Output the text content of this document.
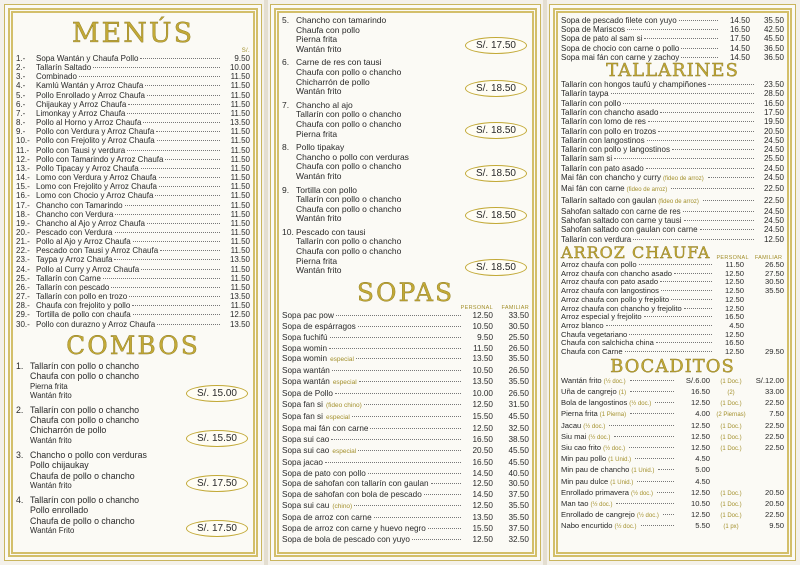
MENÚS
S/.
1.-	Sopa Wantán y Chaufa Pollo	9.50
2.-	Tallarín Saltado	10.00
3.-	Combinado	11.50
4.-	Kamlú Wantán y Arroz Chaufa	11.50
5.-	Pollo Enrollado y Arroz Chaufa	11.50
6.-	Chijaukay y Arroz Chaufa	11.50
7.-	Limonkay y Arroz Chaufa	11.50
8.-	Pollo al Horno y Arroz Chaufa	13.50
9.-	Pollo con Verdura y Arroz Chaufa	11.50
10.- Pollo con Frejolito y Arroz Chaufa	11.50
11.- Pollo con Tausi y verdura	11.50
12.- Pollo con Tamarindo y Arroz Chaufa	11.50
13.- Pollo Tipacay y Arroz Chaufa	11.50
14.- Lomo con Verdura y Arroz Chaufa	11.50
15.- Lomo con Frejolito y Arroz Chaufa	11.50
16.- Lomo con Chocio y Arroz Chaufa	11.50
17.- Chancho con Tamarindo	11.50
18.- Chancho con Verdura	11.50
19.- Chancho al Ajo y Arroz Chaufa	11.50
20.- Pescado con Verdura	11.50
21.- Pollo al Ajo y Arroz Chaufa	11.50
22.- Pescado con Tausi y Arroz Chaufa	11.50
23.- Taypa y Arroz Chaufa	13.50
24.- Pollo al Curry y Arroz Chaufa	11.50
25.- Tallarín con Carne	11.50
26.- Tallarín con pescado	11.50
27.- Tallarín con pollo en trozo	13.50
28.- Chaufa con frejolito y pollo	11.50
29.- Tortilla de pollo con chaufa	12.50
30.- Pollo con durazno y Arroz Chaufa	13.50
COMBOS
1. Tallarín con pollo o chancho
Chaufa con pollo o chancho
Pierna frita
Wantán frito	S/. 15.00
2. Tallarín con pollo o chancho
Chaufa con pollo o chancho
Chicharrón de pollo
Wantán frito	S/. 15.50
3. Chancho o pollo con verduras
Pollo chijaukay
Chaufa de pollo o chancho
Wantán frito	S/. 17.50
4. Tallarín con pollo o chancho
Pollo enrollado
Chaufa de pollo o chancho
Wantán Frito	S/. 17.50
5. Chancho con tamarindo
Chaufa con pollo
Pierna frita
Wantán frito	S/. 17.50
6. Carne de res con tausi
Chaufa con pollo o chancho
Chicharrón de pollo
Wantán frito	S/. 18.50
7. Chancho al ajo
Tallarín con pollo o chancho
Chaufa con pollo o chancho
Pierna frita	S/. 18.50
8. Pollo tipakay
Chancho o pollo con verduras
Chaufa con pollo o chancho
Wantán frito	S/. 18.50
9. Tortilla con pollo
Tallarín con pollo o chancho
Chaufa con pollo o chancho
Wantán frito	S/. 18.50
10. Pescado con tausi
Tallarín con pollo o chancho
Chaufa con pollo o chancho
Pierna frita
Wantán frito	S/. 18.50
SOPAS
PERSONAL	FAMILIAR
Sopa pac pow	12.50	33.50
Sopa de espárragos	10.50	30.50
Sopa fuchifú	9.50	25.50
Sopa womin	11.50	26.50
Sopa womin especial	13.50	35.50
Sopa wantán	10.50	26.50
Sopa wantán especial	13.50	35.50
Sopa de Pollo	10.00	26.50
Sopa fan si (fideo chino)	12.50	31.50
Sopa fan si especial	15.50	45.50
Sopa mai fán con carne	12.50	32.50
Sopa sui cao	16.50	38.50
Sopa sui cao especial	20.50	45.50
Sopa jacao	16.50	45.50
Sopa de pato con pollo	14.50	40.50
Sopa de sahofan con tallarín con gaulan	12.50	30.50
Sopa de sahofan con bola de pescado	14.50	37.50
Sopa sui cau (chino)	12.50	35.50
Sopa de arroz con carne	13.50	35.50
Sopa de arroz con carne y huevo negro	15.50	37.50
Sopa de bola de pescado con yuyo	12.50	32.50
Sopa de pescado filete con yuyo	14.50	35.50
Sopa de Mariscos	16.50	42.50
Sopa de pato al sam si	17.50	45.50
Sopa de chocio con carne o pollo	14.50	36.50
Sopa mai fán con carne y zachoy	14.50	36.50
TALLARINES
Tallarín con hongos taufú y champiñones	23.50
Tallarín taypa	28.50
Tallarín con pollo	16.50
Tallarín con chancho asado	17.50
Tallarín con lomo de res	19.50
Tallarín con pollo en trozos	20.50
Tallarín con langostinos	24.50
Tallarín con pollo y langostinos	24.50
Tallarín sam si	25.50
Tallarín con pato asado	24.50
Mai fán con chancho y curry (fideo de arroz)	24.50
Mai fán con carne (fideo de arroz)	22.50
Tallarín saltado con gaulan (fideo de arroz)	22.50
Sahofan saltado con carne de res	24.50
Sahofan saltado con carne y tausi	24.50
Sahofan saltado con gaulan con carne	24.50
Tallarín con verdura	12.50
ARROZ CHAUFA PERSONAL FAMILIAR
Arroz chaufa con pollo	11.50	26.50
Arroz chaufa con chancho asado	12.50	27.50
Arroz chaufa con pato asado	12.50	30.50
Arroz chaufa con langostinos	12.50	35.50
Arroz chaufa con pollo y frejolito	12.50
Arroz chaufa con chancho y frejolito	12.50
Arroz especial y frejolito	16.50
Arroz blanco	4.50
Chaufa vegetariano	12.50
Chaufa con salchicha china	16.50
Chaufa con Carne	12.50	29.50
BOCADITOS
Wantán frito (½ doc.)	S/.6.00	(1 Doc.)	S/.12.00
Uña de cangrejo (1)	16.50	(2)	33.00
Bola de langostinos (½ doc.)	12.50	(1 Doc.)	22.50
Pierna frita (1 Pierna)	4.00	(2 Piernas)	7.50
Jacau (½ doc.)	12.50	(1 Doc.)	22.50
Siu mai (½ doc.)	12.50	(1 Doc.)	22.50
Siu cao frito (½ doc.)	12.50	(1 Doc.)	22.50
Min pau pollo (1 Unid.)	4.50
Min pau de chancho (1 Unid.)	5.00
Min pau dulce (1 Unid.)	4.50
Enrollado primavera (½ doc.)	12.50	(1 Doc.)	20.50
Man tao (½ doc.)	10.50	(1 Doc.)	20.50
Enrollado de cangrejo (½ doc.)	12.50	(1 Doc.)	22.50
Nabo encurtido (½ doc.)	5.50	(1 px)	9.50
